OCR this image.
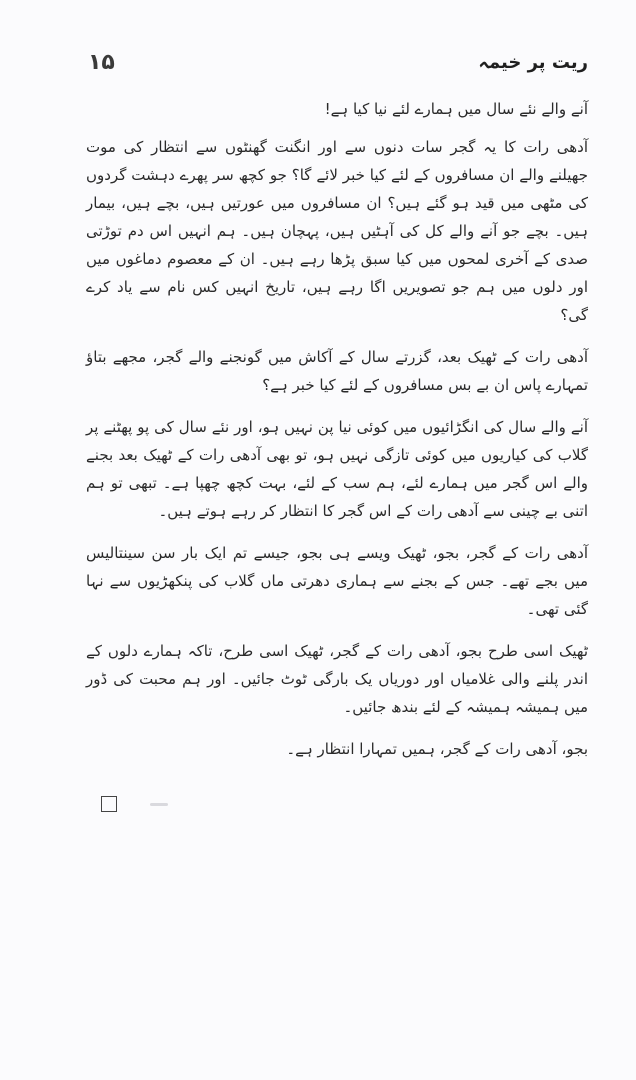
۱۵	ریت پر خیمہ

آنے والے نئے سال میں ہمارے لئے نیا کیا ہے!

آدھی رات کا یہ گجر سات دنوں سے اور انگنت گھنٹوں سے انتظار کی موت جھیلنے والے ان مسافروں کے لئے کیا خبر لائے گا؟ جو کچھ سر پھرے دہشت گردوں کی مٹھی میں قید ہو گئے ہیں؟ ان مسافروں میں عورتیں ہیں، بچے ہیں، بیمار ہیں۔ بچے جو آنے والے کل کی آہٹیں ہیں، پہچان ہیں۔ ہم انہیں اس دم توڑتی صدی کے آخری لمحوں میں کیا سبق پڑھا رہے ہیں۔ ان کے معصوم دماغوں میں اور دلوں میں ہم جو تصویریں اگا رہے ہیں، تاریخ انہیں کس نام سے یاد کرے گی؟

آدھی رات کے ٹھیک بعد، گزرتے سال کے آکاش میں گونجنے والے گجر، مجھے بتاؤ تمہارے پاس ان بے بس مسافروں کے لئے کیا خبر ہے؟

آنے والے سال کی انگڑائیوں میں کوئی نیا پن نہیں ہو، اور نئے سال کی پو پھٹنے پر گلاب کی کیاریوں میں کوئی تازگی نہیں ہو، تو بھی آدھی رات کے ٹھیک بعد بجنے والے اس گجر میں ہمارے لئے، ہم سب کے لئے، بہت کچھ چھپا ہے۔ تبھی تو ہم اتنی بے چینی سے آدھی رات کے اس گجر کا انتظار کر رہے ہوتے ہیں۔

آدھی رات کے گجر، بجو، ٹھیک ویسے ہی بجو، جیسے تم ایک بار سن سینتالیس میں بجے تھے۔ جس کے بجنے سے ہماری دھرتی ماں گلاب کی پنکھڑیوں سے نہا گئی تھی۔

ٹھیک اسی طرح بجو، آدھی رات کے گجر، ٹھیک اسی طرح، تاکہ ہمارے دلوں کے اندر پلنے والی غلامیاں اور دوریاں یک بارگی ٹوٹ جائیں۔ اور ہم محبت کی ڈور میں ہمیشہ ہمیشہ کے لئے بندھ جائیں۔

بجو، آدھی رات کے گجر، ہمیں تمہارا انتظار ہے۔
